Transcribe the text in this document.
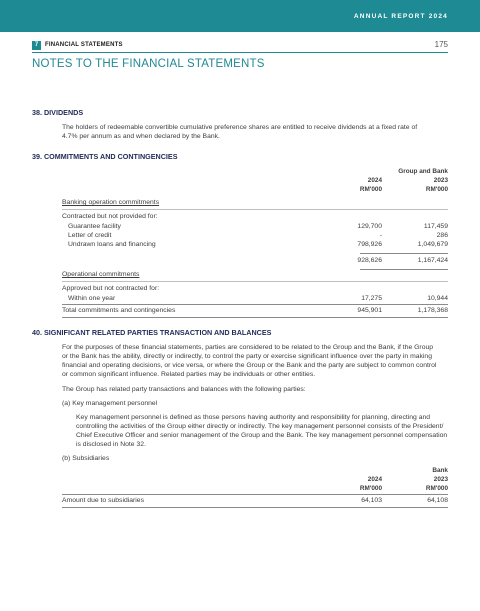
ANNUAL REPORT 2024
7	FINANCIAL STATEMENTS	175
NOTES TO THE FINANCIAL STATEMENTS
38. DIVIDENDS
The holders of redeemable convertible cumulative preference shares are entitled to receive dividends at a fixed rate of
4.7% per annum as and when declared by the Bank.
39. COMMITMENTS AND CONTINGENCIES
Group and Bank
2024	2023
RM'000	RM'000
Banking operation commitments
Contracted but not provided for:
Guarantee facility	129,700	117,459
Letter of credit	-	286
Undrawn loans and financing	798,926	1,049,679
928,626	1,167,424
Operational commitments
Approved but not contracted for:
Within one year	17,275	10,944
Total commitments and contingencies	945,901	1,178,368
40. SIGNIFICANT RELATED PARTIES TRANSACTION AND BALANCES
For the purposes of these financial statements, parties are considered to be related to the Group and the Bank, if the Group
or the Bank has the ability, directly or indirectly, to control the party or exercise significant influence over the party in making
financial and operating decisions, or vice versa, or where the Group or the Bank and the party are subject to common control
or common significant influence. Related parties may be individuals or other entities.
The Group has related party transactions and balances with the following parties:
(a) Key management personnel
Key management personnel is defined as those persons having authority and responsibility for planning, directing and
controlling the activities of the Group either directly or indirectly. The key management personnel consists of the President/
Chief Executive Officer and senior management of the Group and the Bank. The key management personnel compensation
is disclosed in Note 32.
(b) Subsidiaries
Bank
2024	2023
RM'000	RM'000
Amount due to subsidiaries	64,103	64,108
